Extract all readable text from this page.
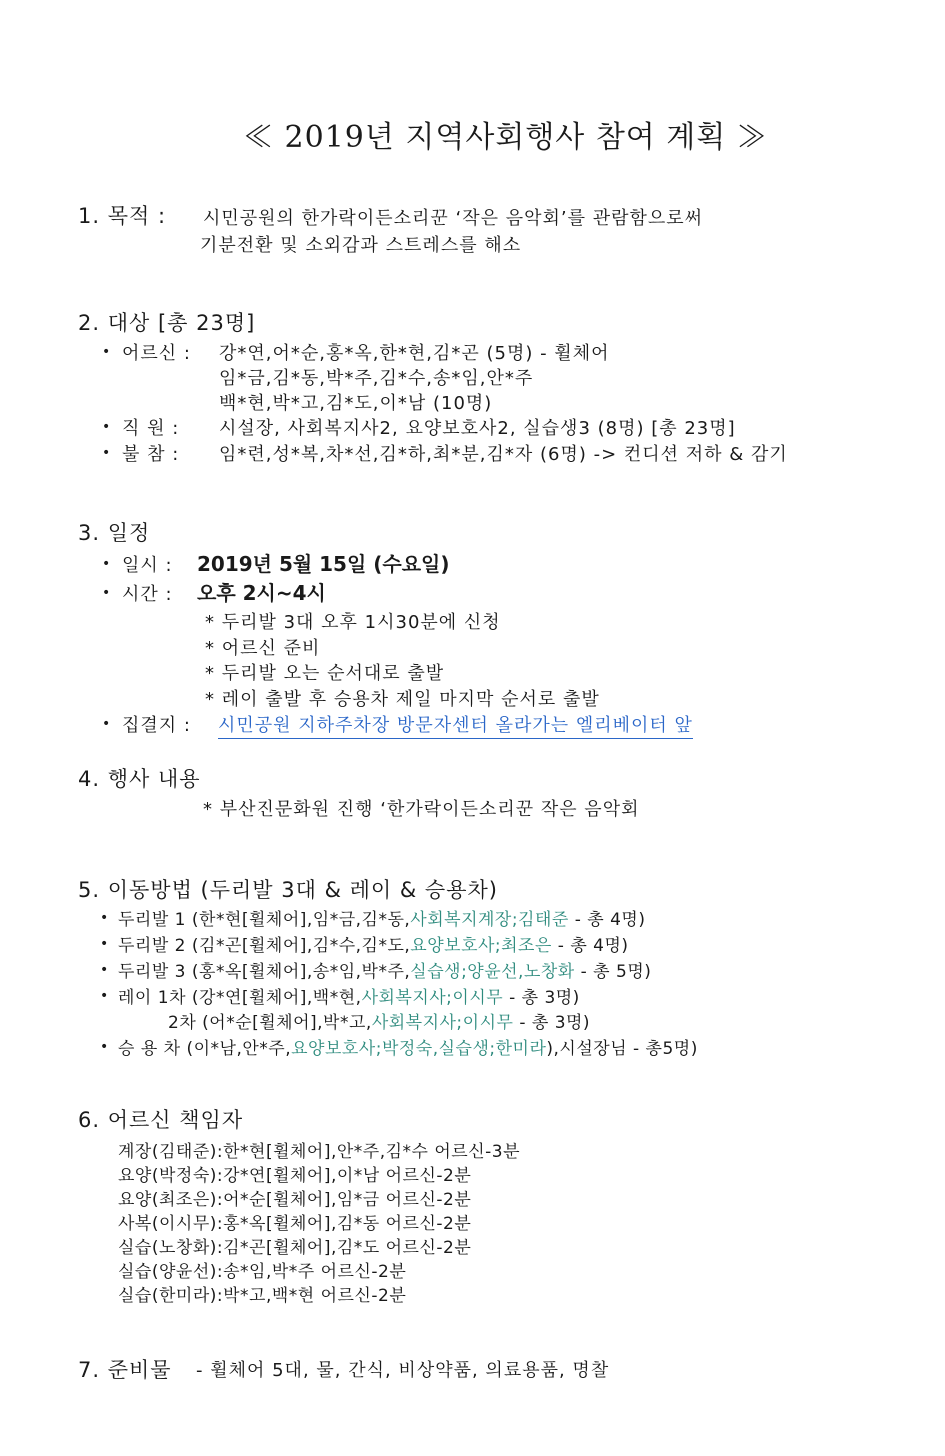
≪ 2019년 지역사회행사 참여 계획 ≫
1. 목적 : 시민공원의 한가락이든소리꾼 ‘작은 음악회’를 관람함으로써
기분전환 및 소외감과 스트레스를 해소
2. 대상 [총 23명]
• 어르신 : 강*연,어*순,홍*옥,한*현,김*곤 (5명) - 휠체어
임*금,김*동,박*주,김*수,송*임,안*주
백*현,박*고,김*도,이*남 (10명)
• 직 원 : 시설장, 사회복지사2, 요양보호사2, 실습생3 (8명) [총 23명]
• 불 참 : 임*련,성*복,차*선,김*하,최*분,김*자 (6명) -> 컨디션 저하 & 감기
3. 일정
• 일시 : 2019년 5월 15일 (수요일)
• 시간 : 오후 2시~4시
* 두리발 3대 오후 1시30분에 신청
* 어르신 준비
* 두리발 오는 순서대로 출발
* 레이 출발 후 승용차 제일 마지막 순서로 출발
• 집결지 : 시민공원 지하주차장 방문자센터 올라가는 엘리베이터 앞
4. 행사 내용
* 부산진문화원 진행 ‘한가락이든소리꾼 작은 음악회
5. 이동방법 (두리발 3대 & 레이 & 승용차)
• 두리발 1 (한*현[휠체어],임*금,김*동,사회복지계장;김태준 - 총 4명)
• 두리발 2 (김*곤[휠체어],김*수,김*도,요양보호사;최조은 - 총 4명)
• 두리발 3 (홍*옥[휠체어],송*임,박*주,실습생;양윤선,노창화 - 총 5명)
• 레이 1차 (강*연[휠체어],백*현,사회복지사;이시무 - 총 3명)
2차 (어*순[휠체어],박*고,사회복지사;이시무 - 총 3명)
• 승 용 차 (이*남,안*주,요양보호사;박정숙,실습생;한미라),시설장님 - 총5명)
6. 어르신 책임자
계장(김태준):한*현[휠체어],안*주,김*수 어르신-3분
요양(박정숙):강*연[휠체어],이*남 어르신-2분
요양(최조은):어*순[휠체어],임*금 어르신-2분
사복(이시무):홍*옥[휠체어],김*동 어르신-2분
실습(노창화):김*곤[휠체어],김*도 어르신-2분
실습(양윤선):송*임,박*주 어르신-2분
실습(한미라):박*고,백*현 어르신-2분
7. 준비물 - 휠체어 5대, 물, 간식, 비상약품, 의료용품, 명찰
